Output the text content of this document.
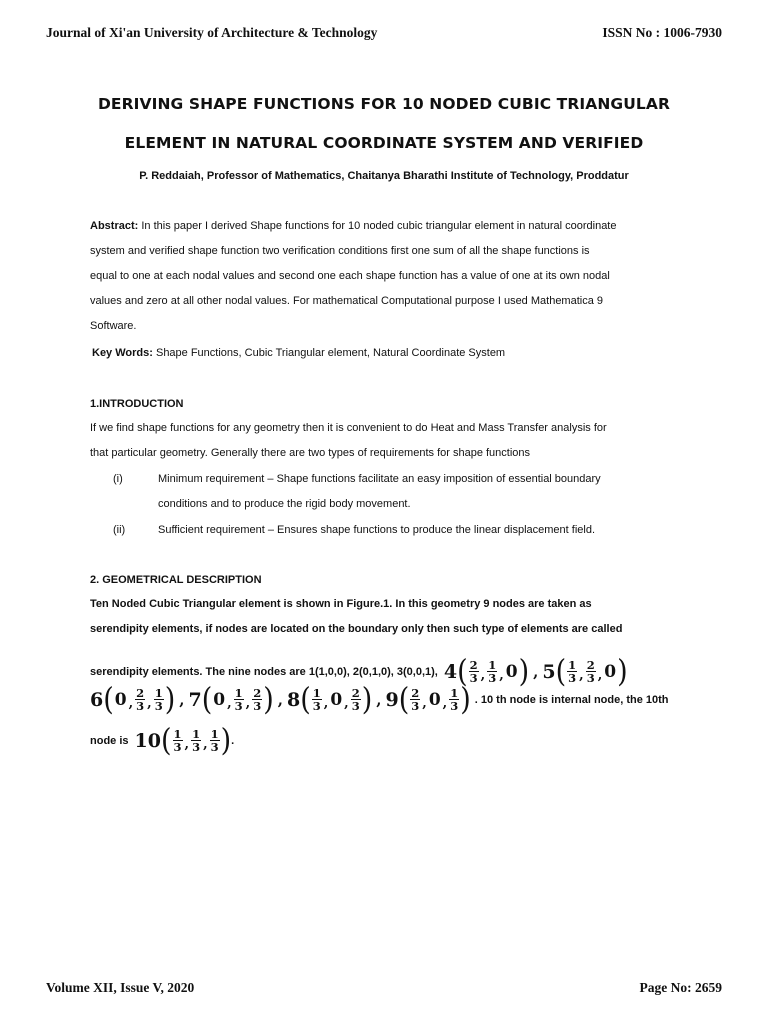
Journal of Xi'an University of Architecture & Technology	ISSN No : 1006-7930
DERIVING SHAPE FUNCTIONS FOR 10 NODED CUBIC TRIANGULAR
ELEMENT IN NATURAL COORDINATE SYSTEM AND VERIFIED
P. Reddaiah, Professor of Mathematics, Chaitanya Bharathi Institute of Technology, Proddatur
Abstract: In this paper I derived Shape functions for 10 noded cubic triangular element in natural coordinate
system and verified shape function two verification conditions first one sum of all the shape functions is
equal to one at each nodal values and second one each shape function has a value of one at its own nodal
values and zero at all other nodal values. For mathematical Computational purpose I used Mathematica 9
Software.
Key Words: Shape Functions, Cubic Triangular element, Natural Coordinate System
1.INTRODUCTION
If we find shape functions for any geometry then it is convenient to do Heat and Mass Transfer analysis for
that particular geometry. Generally there are two types of requirements for shape functions
(i)	Minimum requirement – Shape functions facilitate an easy imposition of essential boundary
conditions and to produce the rigid body movement.
(ii)	Sufficient requirement – Ensures shape functions to produce the linear displacement field.
2. GEOMETRICAL DESCRIPTION
Ten Noded Cubic Triangular element is shown in Figure.1. In this geometry 9 nodes are taken as
serendipity elements, if nodes are located on the boundary only then such type of elements are called
serendipity elements. The nine nodes are 1(1,0,0), 2(0,1,0), 3(0,0,1), 4 ( $\frac{2}{3}$ , $\frac{1}{3}$ , 0 ) , 5 ( $\frac{1}{3}$ , $\frac{2}{3}$ , 0 )
6 ( 0 , $\frac{2}{3}$ , $\frac{1}{3}$ ) , 7 ( 0 , $\frac{1}{3}$ , $\frac{2}{3}$ ) , 8 ( $\frac{1}{3}$ , 0 , $\frac{2}{3}$ ) , 9 ( $\frac{2}{3}$ , 0 , $\frac{1}{3}$ ) . 10 th node is internal node, the 10th
node is 10 ( $\frac{1}{3}$ , $\frac{1}{3}$ , $\frac{1}{3}$ ) .
Volume XII, Issue V, 2020	Page No: 2659
